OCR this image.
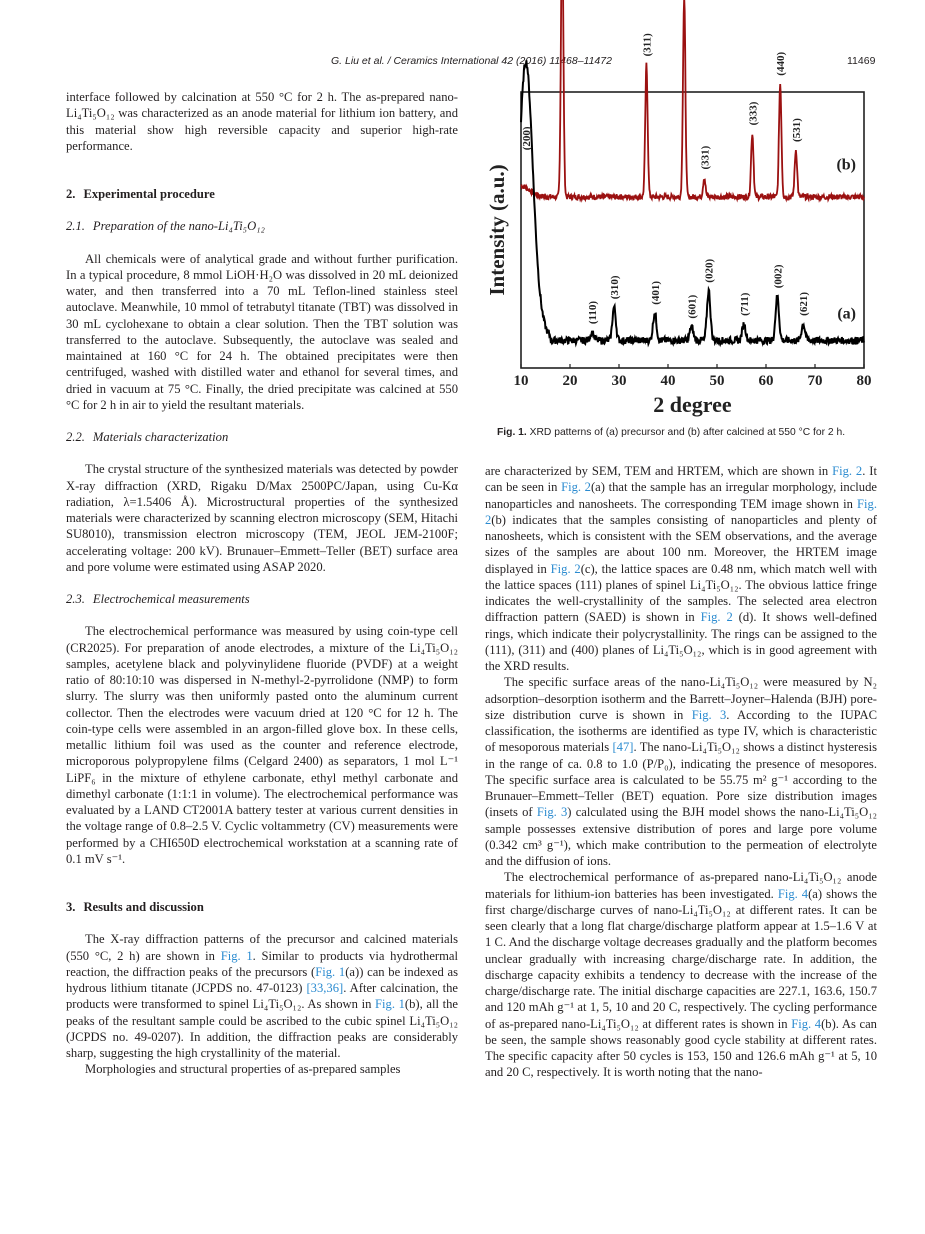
G. Liu et al. / Ceramics International 42 (2016) 11468–11472	11469

interface followed by calcination at 550 °C for 2 h. The as-prepared nano-Li₄Ti₅O₁₂ was characterized as an anode material for lithium ion battery, and this material show high reversible capacity and superior high-rate performance.

2. Experimental procedure
2.1. Preparation of the nano-Li₄Ti₅O₁₂

All chemicals were of analytical grade and without further purification. In a typical procedure, 8 mmol LiOH·H₂O was dissolved in 20 mL deionized water, and then transferred into a 70 mL Teflon-lined stainless steel autoclave. Meanwhile, 10 mmol of tetrabutyl titanate (TBT) was dissolved in 30 mL cyclohexane to obtain a clear solution. Then the TBT solution was transferred to the autoclave. Subsequently, the autoclave was sealed and maintained at 160 °C for 24 h. The obtained precipitates were then centrifuged, washed with distilled water and ethanol for several times, and dried in vacuum at 75 °C. Finally, the dried precipitate was calcined at 550 °C for 2 h in air to yield the resultant materials.

2.2. Materials characterization

The crystal structure of the synthesized materials was detected by powder X-ray diffraction (XRD, Rigaku D/Max 2500PC/Japan, using Cu-Kα radiation, λ=1.5406 Å). Microstructural properties of the synthesized materials were characterized by scanning electron microscopy (SEM, Hitachi SU8010), transmission electron microscopy (TEM, JEOL JEM-2100F; accelerating voltage: 200 kV). Brunauer–Emmett–Teller (BET) surface area and pore volume were estimated using ASAP 2020.

2.3. Electrochemical measurements

The electrochemical performance was measured by using coin-type cell (CR2025). For preparation of anode electrodes, a mixture of the Li₄Ti₅O₁₂ samples, acetylene black and polyvinylidene fluoride (PVDF) at a weight ratio of 80:10:10 was dispersed in N-methyl-2-pyrrolidone (NMP) to form slurry. The slurry was then uniformly pasted onto the aluminum current collector. Then the electrodes were vacuum dried at 120 °C for 12 h. The coin-type cells were assembled in an argon-filled glove box. In these cells, metallic lithium foil was used as the counter and reference electrode, microporous polypropylene films (Celgard 2400) as separators, 1 mol L⁻¹ LiPF₆ in the mixture of ethylene carbonate, ethyl methyl carbonate and dimethyl carbonate (1:1:1 in volume). The electrochemical performance was evaluated by a LAND CT2001A battery tester at various current densities in the voltage range of 0.8–2.5 V. Cyclic voltammetry (CV) measurements were performed by a CHI650D electrochemical workstation at a scanning rate of 0.1 mV s⁻¹.

3. Results and discussion

The X-ray diffraction patterns of the precursor and calcined materials (550 °C, 2 h) are shown in Fig. 1. Similar to products via hydrothermal reaction, the diffraction peaks of the precursors (Fig. 1(a)) can be indexed as hydrous lithium titanate (JCPDS no. 47-0123) [33,36]. After calcination, the products were transformed to spinel Li₄Ti₅O₁₂. As shown in Fig. 1(b), all the peaks of the resultant sample could be ascribed to the cubic spinel Li₄Ti₅O₁₂ (JCPDS no. 49-0207). In addition, the diffraction peaks are considerably sharp, suggesting the high crystallinity of the material.

Morphologies and structural properties of as-prepared samples

10 20 30 40 50 60 70 80
2 degree
Intensity (a.u.)
(311)
(331)
(333)
(440)
(531)
(b)
(200)
(110)
(310)	(401)
(601)
(020)
(711)
(002)
(621) (a)
Fig. 1. XRD patterns of (a) precursor and (b) after calcined at 550 °C for 2 h.

are characterized by SEM, TEM and HRTEM, which are shown in Fig. 2. It can be seen in Fig. 2(a) that the sample has an irregular morphology, include nanoparticles and nanosheets. The corresponding TEM image shown in Fig. 2(b) indicates that the samples consisting of nanoparticles and plenty of nanosheets, which is consistent with the SEM observations, and the average sizes of the samples are about 100 nm. Moreover, the HRTEM image displayed in Fig. 2(c), the lattice spaces are 0.48 nm, which match well with the lattice spaces (111) planes of spinel Li₄Ti₅O₁₂. The obvious lattice fringe indicates the well-crystallinity of the samples. The selected area electron diffraction pattern (SAED) is shown in Fig. 2 (d). It shows well-defined rings, which indicate their polycrystallinity. The rings can be assigned to the (111), (311) and (400) planes of Li₄Ti₅O₁₂, which is in good agreement with the XRD results.

The specific surface areas of the nano-Li₄Ti₅O₁₂ were measured by N₂ adsorption–desorption isotherm and the Barrett–Joyner–Halenda (BJH) pore-size distribution curve is shown in Fig. 3. According to the IUPAC classification, the isotherms are identified as type IV, which is characteristic of mesoporous materials [47]. The nano-Li₄Ti₅O₁₂ shows a distinct hysteresis in the range of ca. 0.8 to 1.0 (P/P₀), indicating the presence of mesopores. The specific surface area is calculated to be 55.75 m² g⁻¹ according to the Brunauer–Emmett–Teller (BET) equation. Pore size distribution images (insets of Fig. 3) calculated using the BJH model shows the nano-Li₄Ti₅O₁₂ sample possesses extensive distribution of pores and large pore volume (0.342 cm³ g⁻¹), which make contribution to the permeation of electrolyte and the diffusion of ions.

The electrochemical performance of as-prepared nano-Li₄Ti₅O₁₂ anode materials for lithium-ion batteries has been investigated. Fig. 4(a) shows the first charge/discharge curves of nano-Li₄Ti₅O₁₂ at different rates. It can be seen clearly that a long flat charge/discharge platform appear at 1.5–1.6 V at 1 C. And the discharge voltage decreases gradually and the platform becomes unclear gradually with increasing charge/discharge rate. In addition, the discharge capacity exhibits a tendency to decrease with the increase of the charge/discharge rate. The initial discharge capacities are 227.1, 163.6, 150.7 and 120 mAh g⁻¹ at 1, 5, 10 and 20 C, respectively. The cycling performance of as-prepared nano-Li₄Ti₅O₁₂ at different rates is shown in Fig. 4(b). As can be seen, the sample shows reasonably good cycle stability at different rates. The specific capacity after 50 cycles is 153, 150 and 126.6 mAh g⁻¹ at 5, 10 and 20 C, respectively. It is worth noting that the nano-
